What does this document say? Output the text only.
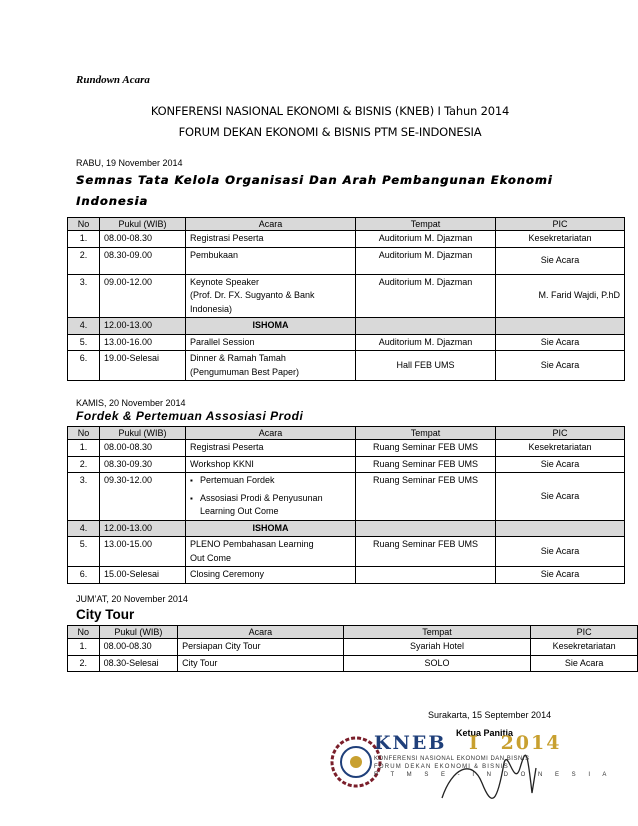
Rundown Acara
KONFERENSI NASIONAL EKONOMI & BISNIS (KNEB) I Tahun 2014
FORUM DEKAN EKONOMI & BISNIS PTM SE-INDONESIA
RABU, 19 November 2014
Semnas Tata Kelola Organisasi Dan Arah Pembangunan Ekonomi
Indonesia
No	Pukul (WIB)	Acara	Tempat	PIC
1.	08.00-08.30	Registrasi Peserta	Auditorium M. Djazman	Kesekretariatan
2.	08.30-09.00	Pembukaan	Auditorium M. Djazman	Sie Acara
3.	09.00-12.00	Keynote Speaker
(Prof. Dr. FX. Sugyanto & Bank
Indonesia)	Auditorium M. Djazman	M. Farid Wajdi, P.hD
4.	12.00-13.00	ISHOMA		
5.	13.00-16.00	Parallel Session	Auditorium M. Djazman	Sie Acara
6.	19.00-Selesai	Dinner & Ramah Tamah
(Pengumuman Best Paper)	Hall FEB UMS	Sie Acara
KAMIS, 20 November 2014
Fordek & Pertemuan Assosiasi Prodi
No	Pukul (WIB)	Acara	Tempat	PIC
1.	08.00-08.30	Registrasi Peserta	Ruang Seminar FEB UMS	Kesekretariatan
2.	08.30-09.30	Workshop KKNI	Ruang Seminar FEB UMS	Sie Acara
3.	09.30-12.00	▪ Pertemuan Fordek
▪ Assosiasi Prodi & Penyusunan
Learning Out Come	Ruang Seminar FEB UMS	Sie Acara
4.	12.00-13.00	ISHOMA		
5.	13.00-15.00	PLENO Pembahasan Learning
Out Come	Ruang Seminar FEB UMS	Sie Acara
6.	15.00-Selesai	Closing Ceremony		Sie Acara
JUM’AT, 20 November 2014
City Tour
No	Pukul (WIB)	Acara	Tempat	PIC
1.	08.00-08.30	Persiapan City Tour	Syariah Hotel	Kesekretariatan
2.	08.30-Selesai	City Tour	SOLO	Sie Acara
Surakarta, 15 September 2014
Ketua Panitia
KNEB I 2014
KONFERENSI NASIONAL EKONOMI DAN BISNIS
FORUM DEKAN EKONOMI & BISNIS
P T M S E - I N D O N E S I A
